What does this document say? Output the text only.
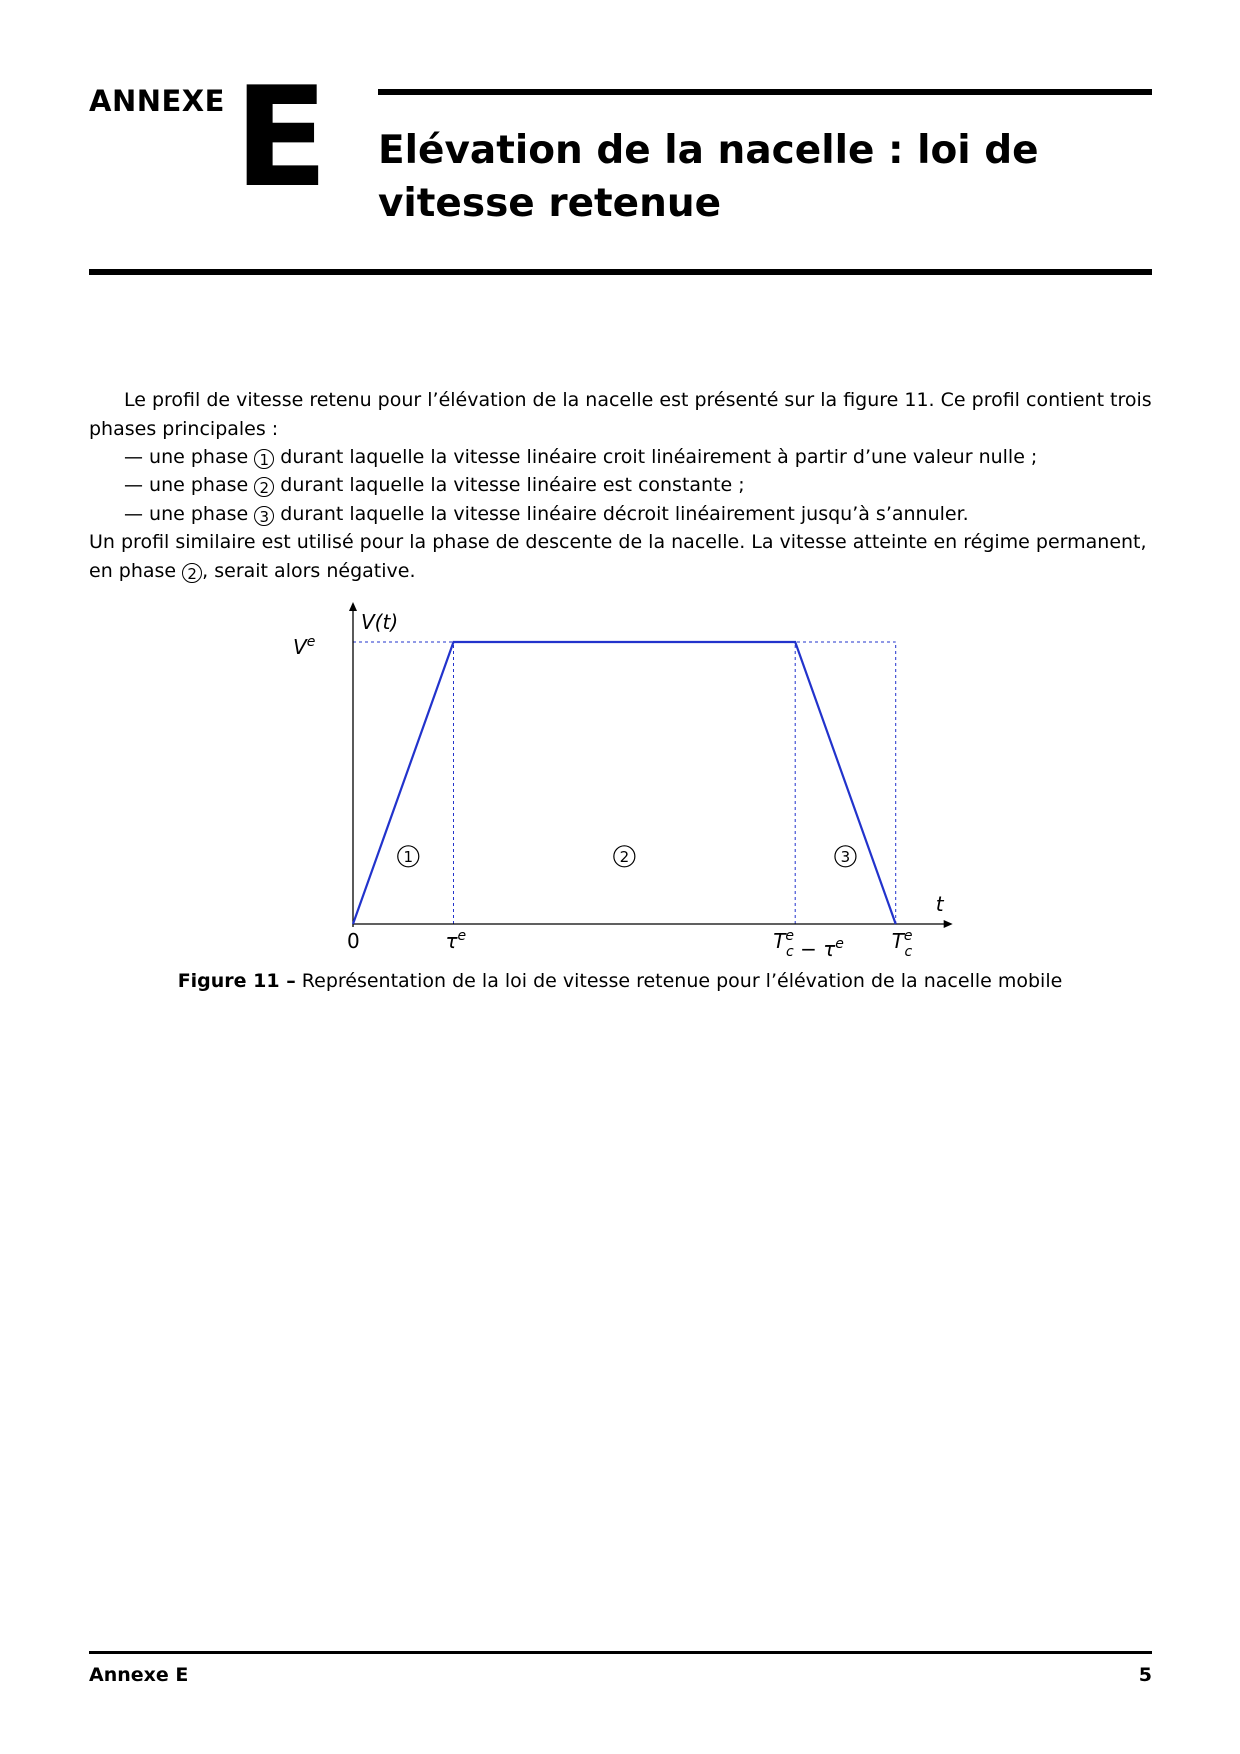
ANNEXE E Elévation de la nacelle : loi de vitesse retenue
Le profil de vitesse retenu pour l’élévation de la nacelle est présenté sur la figure 11. Ce profil contient trois phases principales :
— une phase 1 durant laquelle la vitesse linéaire croit linéairement à partir d’une valeur nulle ;
— une phase 2 durant laquelle la vitesse linéaire est constante ;
— une phase 3 durant laquelle la vitesse linéaire décroit linéairement jusqu’à s’annuler.
Un profil similaire est utilisé pour la phase de descente de la nacelle. La vitesse atteinte en régime permanent, en phase 2 , serait alors négative.
V(t)
t
Ve
0	$\tau^e$	$T^e$ $c - \tau^e$ $T^e$ c
1	2	3
Figure 11 – Représentation de la loi de vitesse retenue pour l’élévation de la nacelle mobile
Annexe E	5
